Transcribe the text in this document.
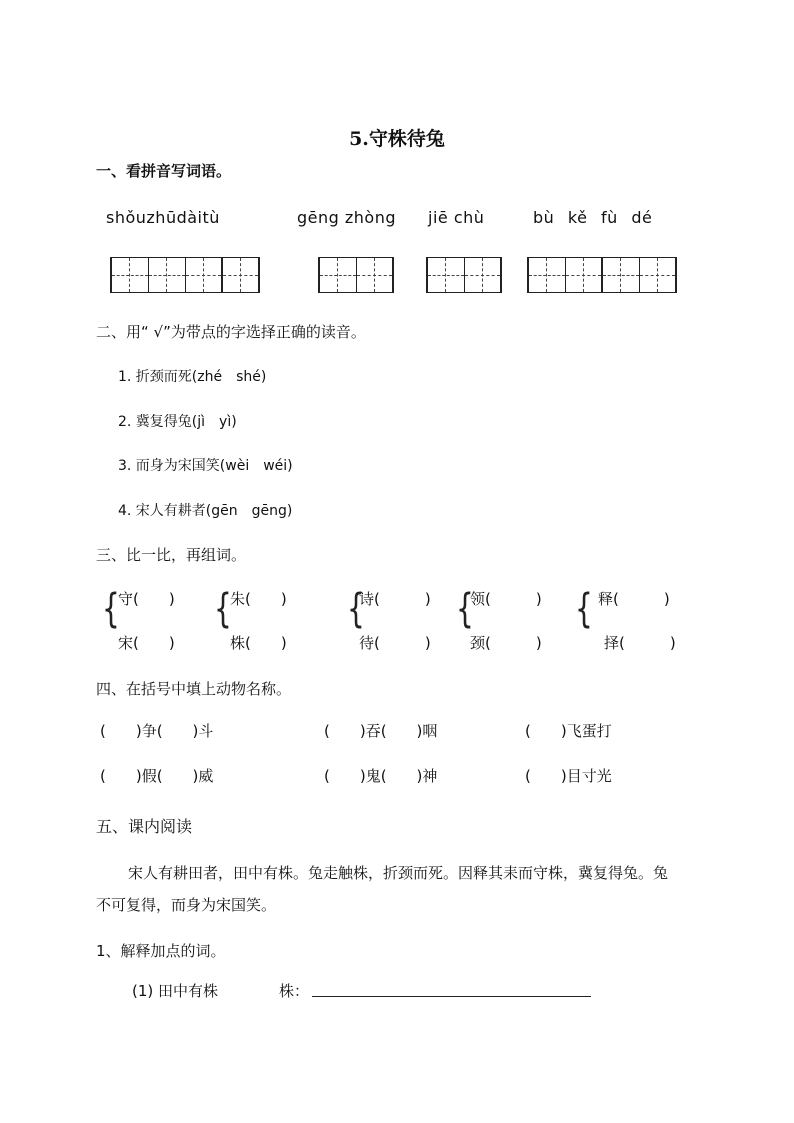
5.守株待兔
一、看拼音写词语。
shǒuzhūdàitù	gēng zhòng jiē chù	bù kě fù dé
二、用“ √”为带点的字选择正确的读音。
1. 折颈而死(zhé　shé)
2. 冀复得兔(jì　yì)
3. 而身为宋国笑(wèi　wéi)
4. 宋人有耕者(gēn　gēng)
三、比一比，再组词。
{
守(　　)
宋(　　)
{
朱(　　)
株(　　)
{
诗(　　　)
待(　　　)
{
领(　　　)
颈(　　　)
{ 释(　　　)
择(　　　)
四、在括号中填上动物名称。
(　　)争(　　)斗	(　　)吞(　　)咽	(　　)飞蛋打
(　　)假(　　)威	(　　)鬼(　　)神	(　　)目寸光
五、课内阅读
宋人有耕田者，田中有株。兔走触株，折颈而死。因释其耒而守株，冀复得兔。兔
不可复得，而身为宋国笑。
1、解释加点的词。
(1) 田中有株	株：
